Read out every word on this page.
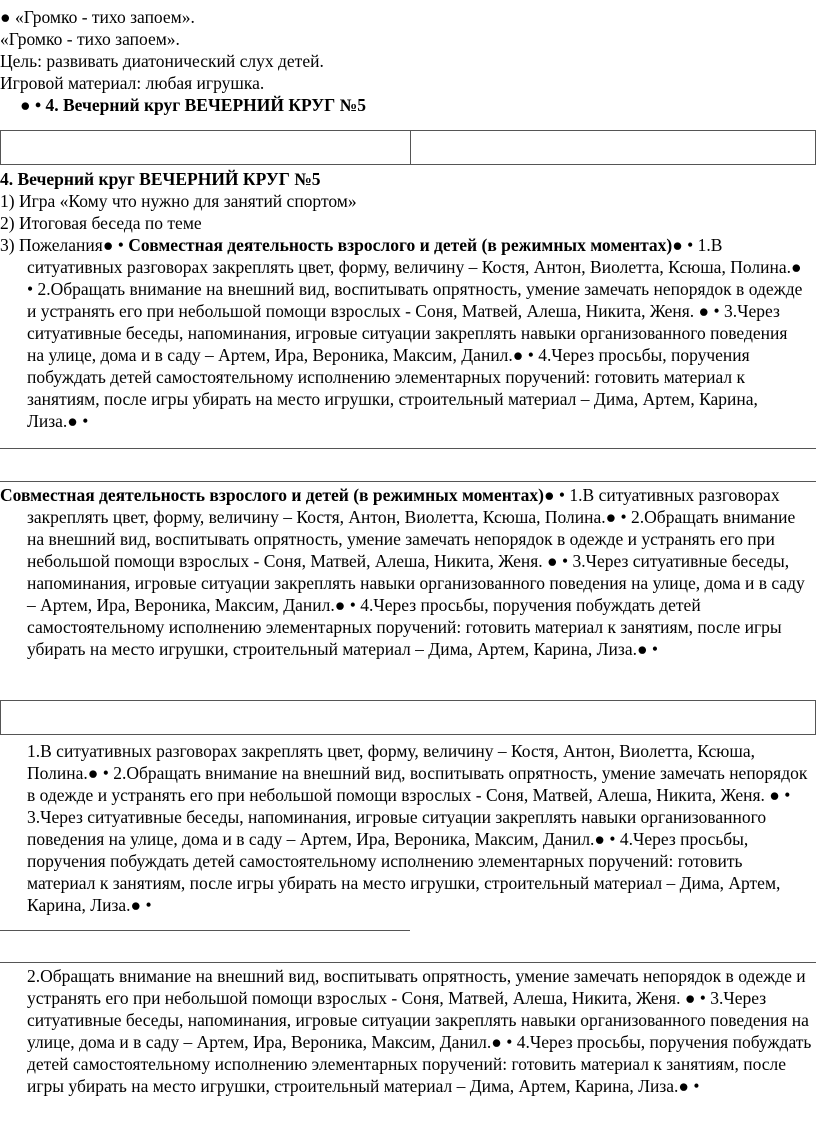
● «Громко - тихо запоем».
«Громко - тихо запоем».
Цель: развивать диатонический слух детей.
Игровой материал: любая игрушка.
● • 4. Вечерний круг ВЕЧЕРНИЙ КРУГ №5
4. Вечерний круг ВЕЧЕРНИЙ КРУГ №5
1) Игра «Кому что нужно для занятий спортом»
2) Итоговая беседа по теме
3) Пожелания● • Совместная деятельность взрослого и детей (в режимных моментах)● • 1.В ситуативных разговорах закреплять цвет, форму, величину – Костя, Антон, Виолетта, Ксюша, Полина.● • 2.Обращать внимание на внешний вид, воспитывать опрятность, умение замечать непорядок в одежде и устранять его при небольшой помощи взрослых - Соня, Матвей, Алеша, Никита, Женя. ● • 3.Через ситуативные беседы, напоминания, игровые ситуации закреплять навыки организованного поведения на улице, дома и в саду – Артем, Ира, Вероника, Максим, Данил.● • 4.Через просьбы, поручения побуждать детей самостоятельному исполнению элементарных поручений: готовить материал к занятиям, после игры убирать на место игрушки, строительный материал – Дима, Артем, Карина, Лиза.● •
Совместная деятельность взрослого и детей (в режимных моментах)● • 1.В ситуативных разговорах закреплять цвет, форму, величину – Костя, Антон, Виолетта, Ксюша, Полина.● • 2.Обращать внимание на внешний вид, воспитывать опрятность, умение замечать непорядок в одежде и устранять его при небольшой помощи взрослых - Соня, Матвей, Алеша, Никита, Женя. ● • 3.Через ситуативные беседы, напоминания, игровые ситуации закреплять навыки организованного поведения на улице, дома и в саду – Артем, Ира, Вероника, Максим, Данил.● • 4.Через просьбы, поручения побуждать детей самостоятельному исполнению элементарных поручений: готовить материал к занятиям, после игры убирать на место игрушки, строительный материал – Дима, Артем, Карина, Лиза.● •
1.В ситуативных разговорах закреплять цвет, форму, величину – Костя, Антон, Виолетта, Ксюша, Полина.● • 2.Обращать внимание на внешний вид, воспитывать опрятность, умение замечать непорядок в одежде и устранять его при небольшой помощи взрослых - Соня, Матвей, Алеша, Никита, Женя. ● • 3.Через ситуативные беседы, напоминания, игровые ситуации закреплять навыки организованного поведения на улице, дома и в саду – Артем, Ира, Вероника, Максим, Данил.● • 4.Через просьбы, поручения побуждать детей самостоятельному исполнению элементарных поручений: готовить материал к занятиям, после игры убирать на место игрушки, строительный материал – Дима, Артем, Карина, Лиза.● •
2.Обращать внимание на внешний вид, воспитывать опрятность, умение замечать непорядок в одежде и устранять его при небольшой помощи взрослых - Соня, Матвей, Алеша, Никита, Женя. ● • 3.Через ситуативные беседы, напоминания, игровые ситуации закреплять навыки организованного поведения на улице, дома и в саду – Артем, Ира, Вероника, Максим, Данил.● • 4.Через просьбы, поручения побуждать детей самостоятельному исполнению элементарных поручений: готовить материал к занятиям, после игры убирать на место игрушки, строительный материал – Дима, Артем, Карина, Лиза.● •
